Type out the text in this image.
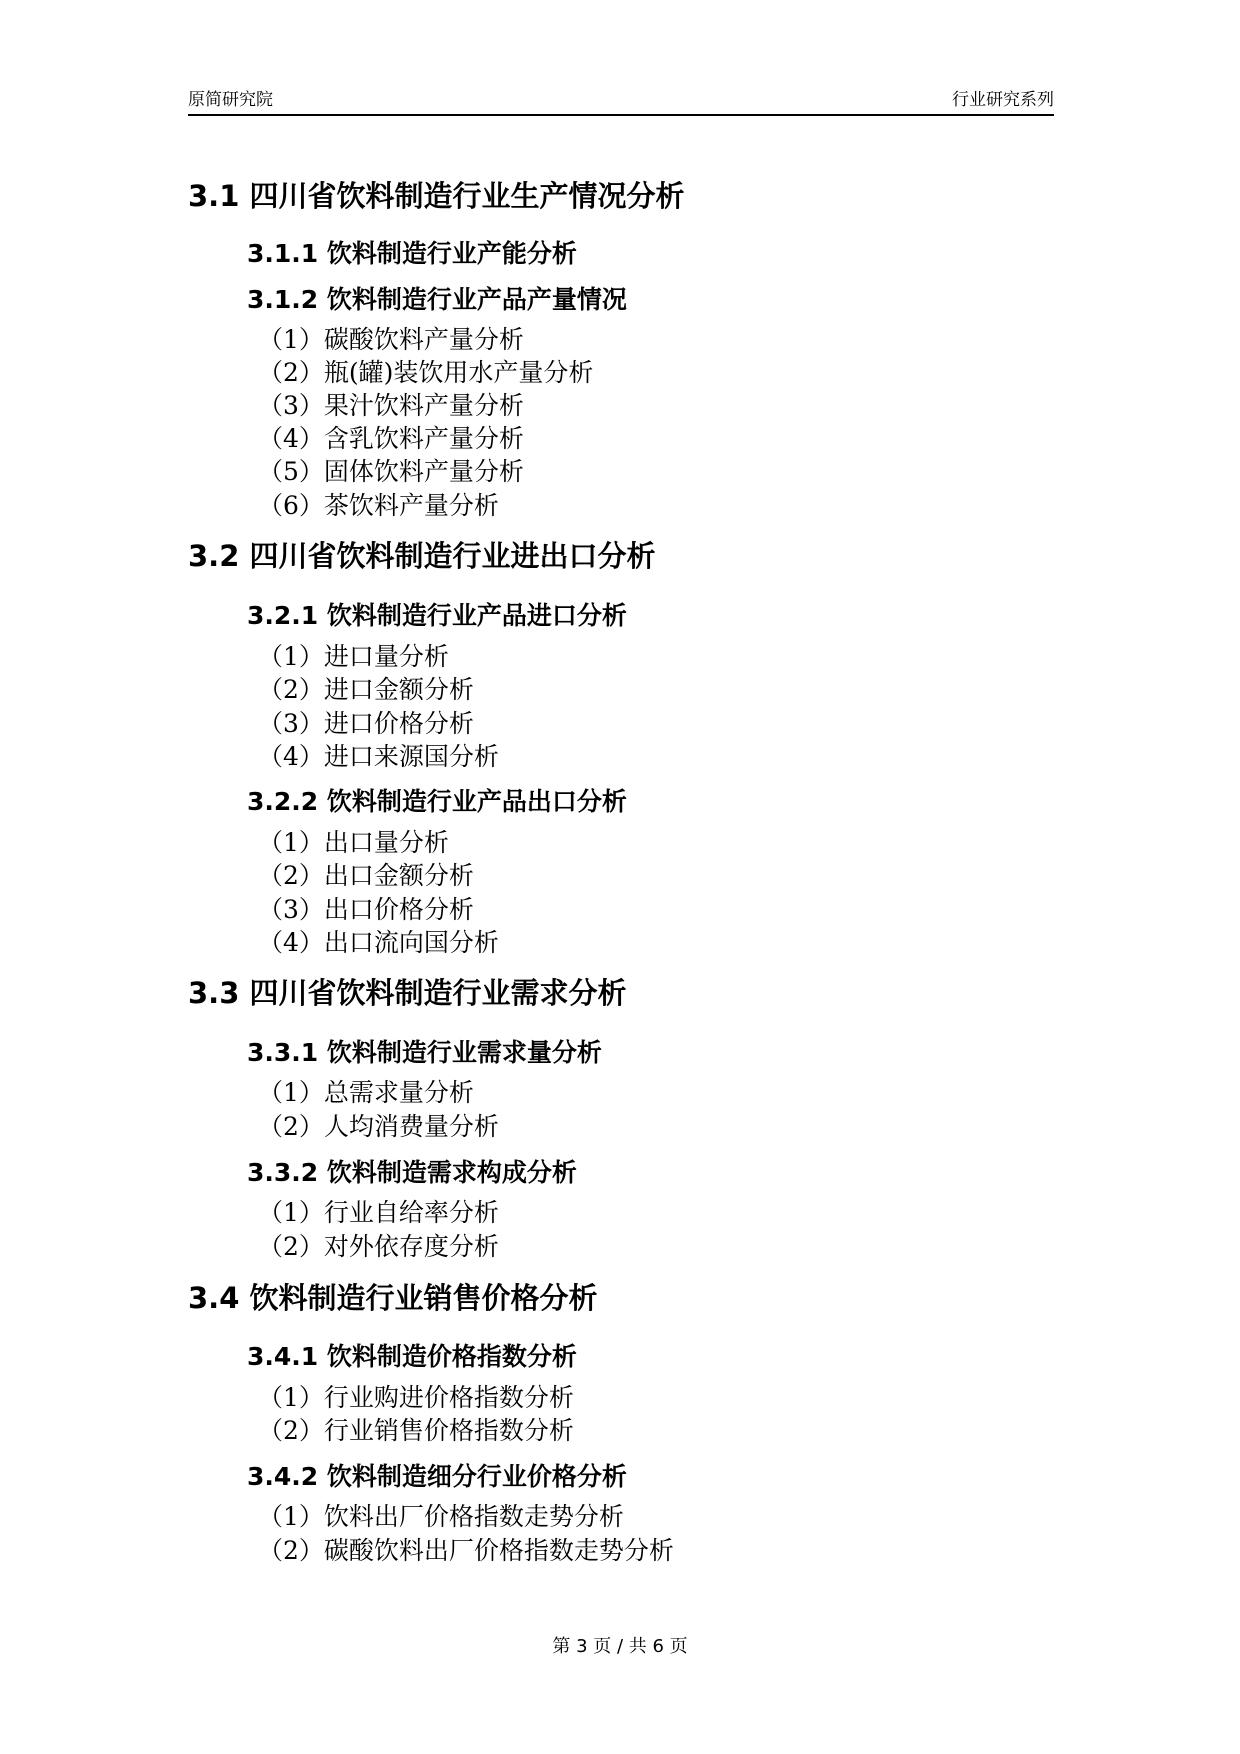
原简研究院	行业研究系列
3.1 四川省饮料制造行业生产情况分析
3.1.1 饮料制造行业产能分析
3.1.2 饮料制造行业产品产量情况
（1）碳酸饮料产量分析
（2）瓶(罐)装饮用水产量分析
（3）果汁饮料产量分析
（4）含乳饮料产量分析
（5）固体饮料产量分析
（6）茶饮料产量分析
3.2 四川省饮料制造行业进出口分析
3.2.1 饮料制造行业产品进口分析
（1）进口量分析
（2）进口金额分析
（3）进口价格分析
（4）进口来源国分析
3.2.2 饮料制造行业产品出口分析
（1）出口量分析
（2）出口金额分析
（3）出口价格分析
（4）出口流向国分析
3.3 四川省饮料制造行业需求分析
3.3.1 饮料制造行业需求量分析
（1）总需求量分析
（2）人均消费量分析
3.3.2 饮料制造需求构成分析
（1）行业自给率分析
（2）对外依存度分析
3.4 饮料制造行业销售价格分析
3.4.1 饮料制造价格指数分析
（1）行业购进价格指数分析
（2）行业销售价格指数分析
3.4.2 饮料制造细分行业价格分析
（1）饮料出厂价格指数走势分析
（2）碳酸饮料出厂价格指数走势分析
第 3 页 / 共 6 页
